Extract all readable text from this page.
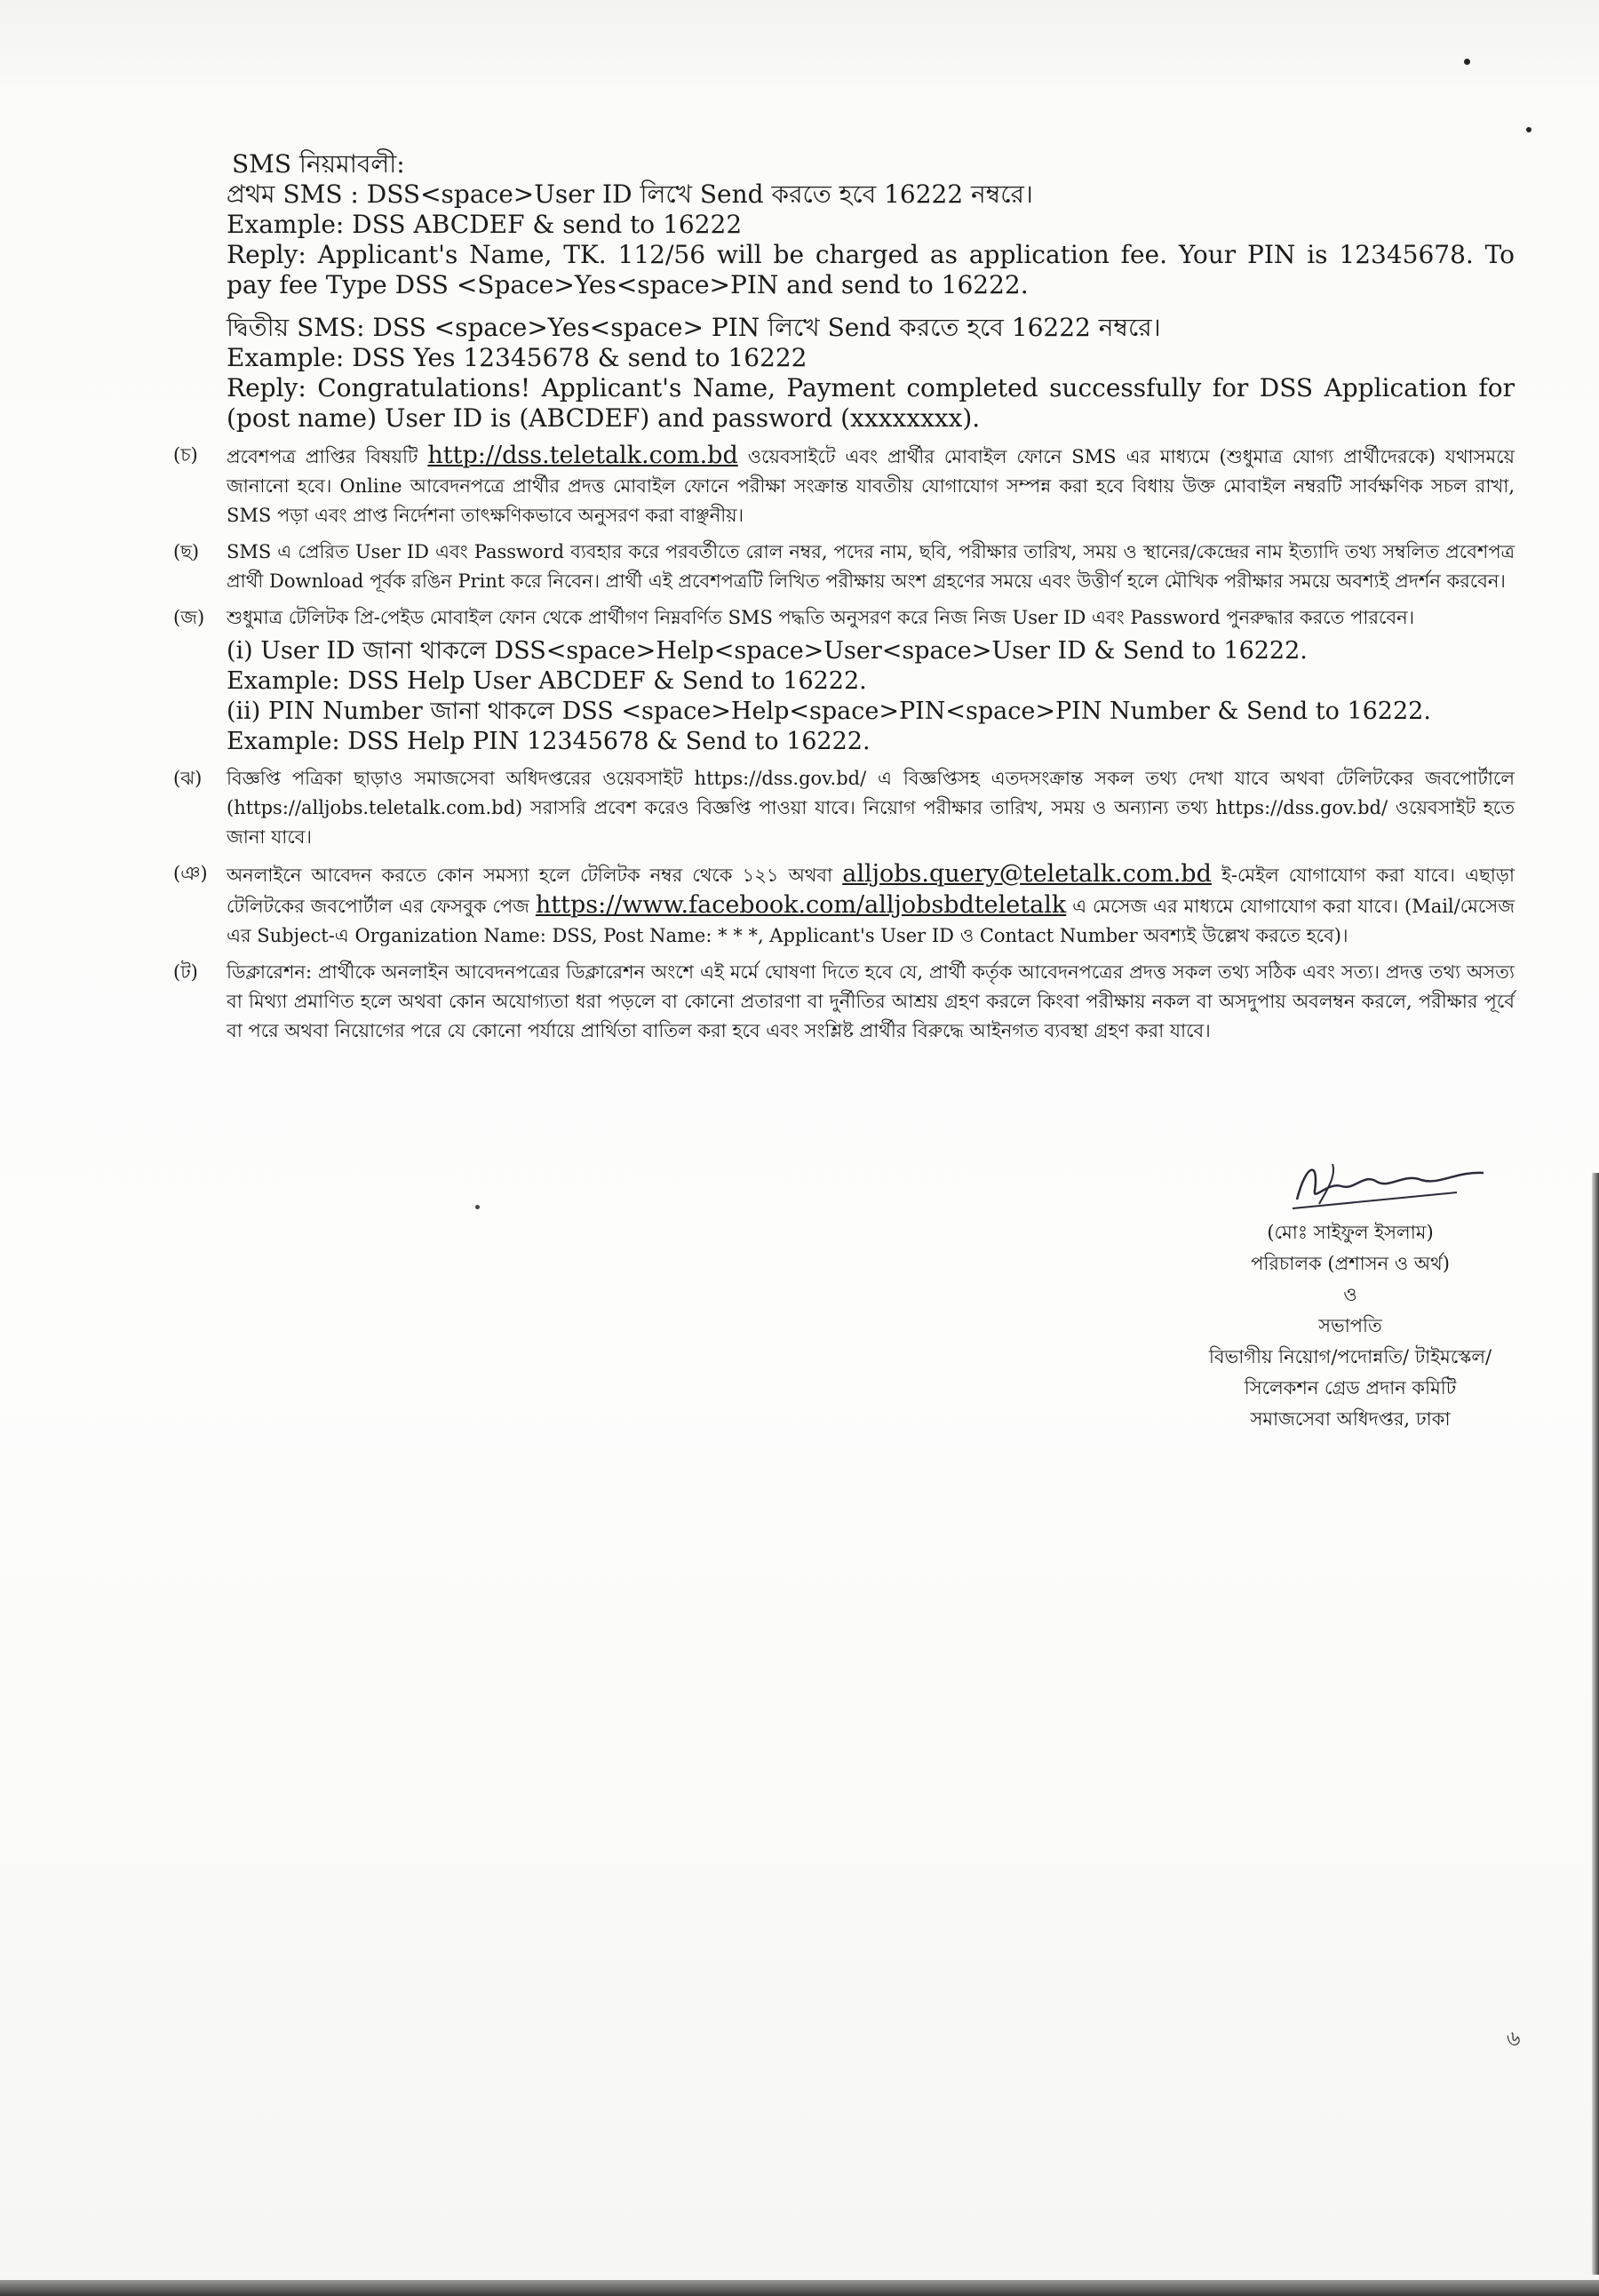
SMS নিয়মাবলী:
প্রথম SMS : DSS<space>User ID লিখে Send করতে হবে 16222 নম্বরে।
Example: DSS ABCDEF & send to 16222
Reply: Applicant's Name, TK. 112/56 will be charged as application fee. Your PIN is 12345678. To pay fee Type DSS <Space>Yes<space>PIN and send to 16222.
দ্বিতীয় SMS: DSS <space>Yes<space> PIN লিখে Send করতে হবে 16222 নম্বরে।
Example: DSS Yes 12345678 & send to 16222
Reply: Congratulations! Applicant's Name, Payment completed successfully for DSS Application for (post name) User ID is (ABCDEF) and password (xxxxxxxx).
(চ) প্রবেশপত্র প্রাপ্তির বিষয়টি http://dss.teletalk.com.bd ওয়েবসাইটে এবং প্রার্থীর মোবাইল ফোনে SMS এর মাধ্যমে (শুধুমাত্র যোগ্য প্রার্থীদেরকে) যথাসময়ে জানানো হবে। Online আবেদনপত্রে প্রার্থীর প্রদত্ত মোবাইল ফোনে পরীক্ষা সংক্রান্ত যাবতীয় যোগাযোগ সম্পন্ন করা হবে বিধায় উক্ত মোবাইল নম্বরটি সার্বক্ষণিক সচল রাখা, SMS পড়া এবং প্রাপ্ত নির্দেশনা তাৎক্ষণিকভাবে অনুসরণ করা বাঞ্ছনীয়।
(ছ) SMS এ প্রেরিত User ID এবং Password ব্যবহার করে পরবর্তীতে রোল নম্বর, পদের নাম, ছবি, পরীক্ষার তারিখ, সময় ও স্থানের/কেন্দ্রের নাম ইত্যাদি তথ্য সম্বলিত প্রবেশপত্র প্রার্থী Download পূর্বক রঙিন Print করে নিবেন। প্রার্থী এই প্রবেশপত্রটি লিখিত পরীক্ষায় অংশ গ্রহণের সময়ে এবং উত্তীর্ণ হলে মৌখিক পরীক্ষার সময়ে অবশ্যই প্রদর্শন করবেন।
(জ) শুধুমাত্র টেলিটক প্রি-পেইড মোবাইল ফোন থেকে প্রার্থীগণ নিম্নবর্ণিত SMS পদ্ধতি অনুসরণ করে নিজ নিজ User ID এবং Password পুনরুদ্ধার করতে পারবেন।
(i) User ID জানা থাকলে DSS<space>Help<space>User<space>User ID & Send to 16222.
Example: DSS Help User ABCDEF & Send to 16222.
(ii) PIN Number জানা থাকলে DSS <space>Help<space>PIN<space>PIN Number & Send to 16222.
Example: DSS Help PIN 12345678 & Send to 16222.
(ঝ) বিজ্ঞপ্তি পত্রিকা ছাড়াও সমাজসেবা অধিদপ্তরের ওয়েবসাইট https://dss.gov.bd/ এ বিজ্ঞপ্তিসহ এতদসংক্রান্ত সকল তথ্য দেখা যাবে অথবা টেলিটকের জবপোর্টালে (https://alljobs.teletalk.com.bd) সরাসরি প্রবেশ করেও বিজ্ঞপ্তি পাওয়া যাবে। নিয়োগ পরীক্ষার তারিখ, সময় ও অন্যান্য তথ্য https://dss.gov.bd/ ওয়েবসাইট হতে জানা যাবে।
(ঞ) অনলাইনে আবেদন করতে কোন সমস্যা হলে টেলিটক নম্বর থেকে ১২১ অথবা alljobs.query@teletalk.com.bd ই-মেইল যোগাযোগ করা যাবে। এছাড়া টেলিটকের জবপোর্টাল এর ফেসবুক পেজ https://www.facebook.com/alljobsbdteletalk এ মেসেজ এর মাধ্যমে যোগাযোগ করা যাবে। (Mail/মেসেজ এর Subject-এ Organization Name: DSS, Post Name: * * *, Applicant's User ID ও Contact Number অবশ্যই উল্লেখ করতে হবে)।
(ট) ডিক্লারেশন: প্রার্থীকে অনলাইন আবেদনপত্রের ডিক্লারেশন অংশে এই মর্মে ঘোষণা দিতে হবে যে, প্রার্থী কর্তৃক আবেদনপত্রের প্রদত্ত সকল তথ্য সঠিক এবং সত্য। প্রদত্ত তথ্য অসত্য বা মিথ্যা প্রমাণিত হলে অথবা কোন অযোগ্যতা ধরা পড়লে বা কোনো প্রতারণা বা দুর্নীতির আশ্রয় গ্রহণ করলে কিংবা পরীক্ষায় নকল বা অসদুপায় অবলম্বন করলে, পরীক্ষার পূর্বে বা পরে অথবা নিয়োগের পরে যে কোনো পর্যায়ে প্রার্থিতা বাতিল করা হবে এবং সংশ্লিষ্ট প্রার্থীর বিরুদ্ধে আইনগত ব্যবস্থা গ্রহণ করা যাবে।
(মোঃ সাইফুল ইসলাম)
পরিচালক (প্রশাসন ও অর্থ)
ও
সভাপতি
বিভাগীয় নিয়োগ/পদোন্নতি/ টাইমস্কেল/
সিলেকশন গ্রেড প্রদান কমিটি
সমাজসেবা অধিদপ্তর, ঢাকা
৬
